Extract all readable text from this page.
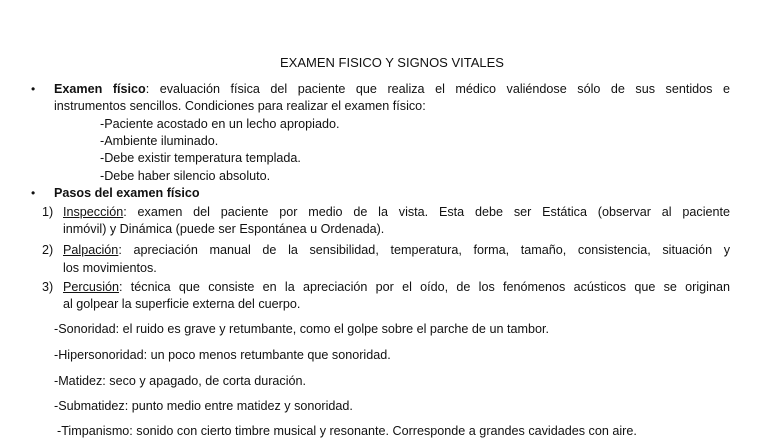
EXAMEN FISICO Y SIGNOS VITALES
• Examen físico: evaluación física del paciente que realiza el médico valiéndose sólo de sus sentidos e
instrumentos sencillos. Condiciones para realizar el examen físico:
-Paciente acostado en un lecho apropiado.
-Ambiente iluminado.
-Debe existir temperatura templada.
-Debe haber silencio absoluto.
• Pasos del examen físico
1) Inspección: examen del paciente por medio de la vista. Esta debe ser Estática (observar al paciente
inmóvil) y Dinámica (puede ser Espontánea u Ordenada).
2) Palpación: apreciación manual de la sensibilidad, temperatura, forma, tamaño, consistencia, situación y
los movimientos.
3) Percusión: técnica que consiste en la apreciación por el oído, de los fenómenos acústicos que se originan
al golpear la superficie externa del cuerpo.
-Sonoridad: el ruido es grave y retumbante, como el golpe sobre el parche de un tambor.
-Hipersonoridad: un poco menos retumbante que sonoridad.
-Matidez: seco y apagado, de corta duración.
-Submatidez: punto medio entre matidez y sonoridad.
-Timpanismo: sonido con cierto timbre musical y resonante. Corresponde a grandes cavidades con aire.
